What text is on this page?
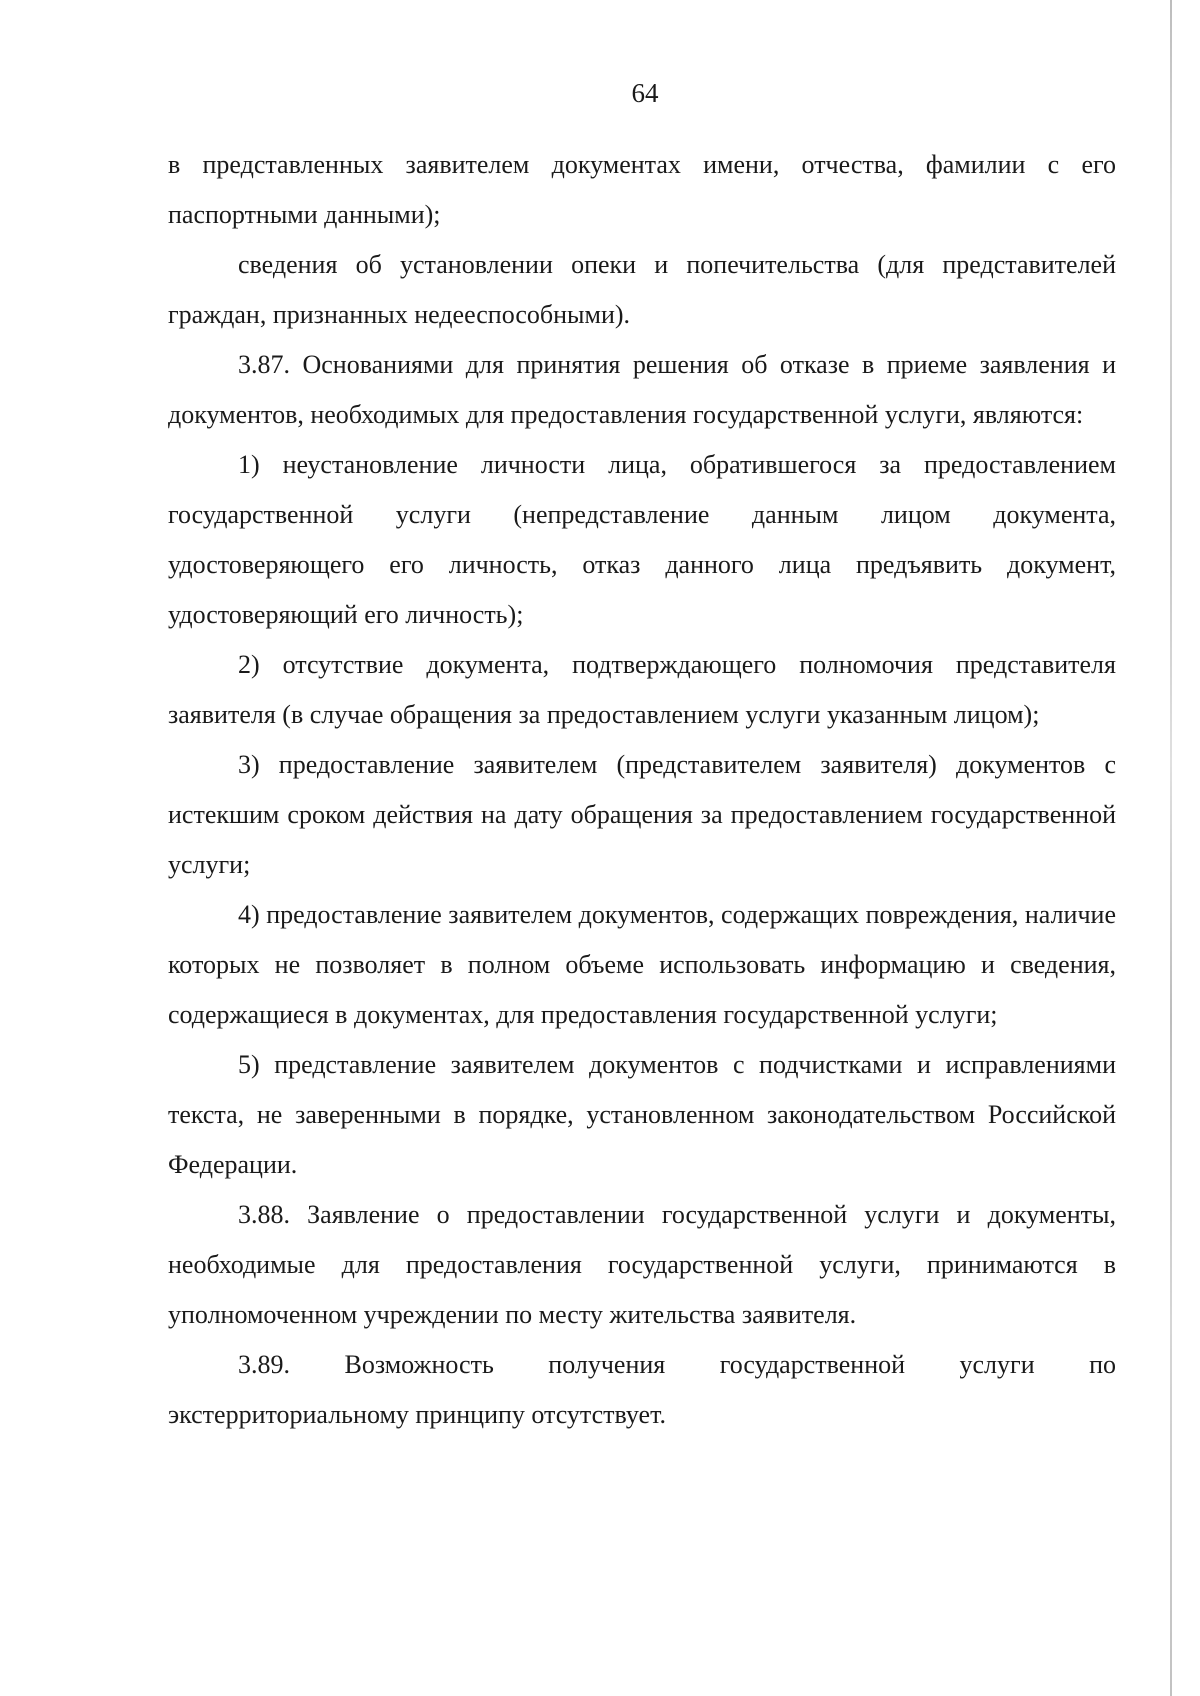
64

в представленных заявителем документах имени, отчества, фамилии с его паспортными данными);

сведения об установлении опеки и попечительства (для представителей граждан, признанных недееспособными).

3.87. Основаниями для принятия решения об отказе в приеме заявления и документов, необходимых для предоставления государственной услуги, являются:

1) неустановление личности лица, обратившегося за предоставлением государственной услуги (непредставление данным лицом документа, удостоверяющего его личность, отказ данного лица предъявить документ, удостоверяющий его личность);

2) отсутствие документа, подтверждающего полномочия представителя заявителя (в случае обращения за предоставлением услуги указанным лицом);

3) предоставление заявителем (представителем заявителя) документов с истекшим сроком действия на дату обращения за предоставлением государственной услуги;

4) предоставление заявителем документов, содержащих повреждения, наличие которых не позволяет в полном объеме использовать информацию и сведения, содержащиеся в документах, для предоставления государственной услуги;

5) представление заявителем документов с подчистками и исправлениями текста, не заверенными в порядке, установленном законодательством Российской Федерации.

3.88. Заявление о предоставлении государственной услуги и документы, необходимые для предоставления государственной услуги, принимаются в уполномоченном учреждении по месту жительства заявителя.

3.89. Возможность получения государственной услуги по экстерриториальному принципу отсутствует.
